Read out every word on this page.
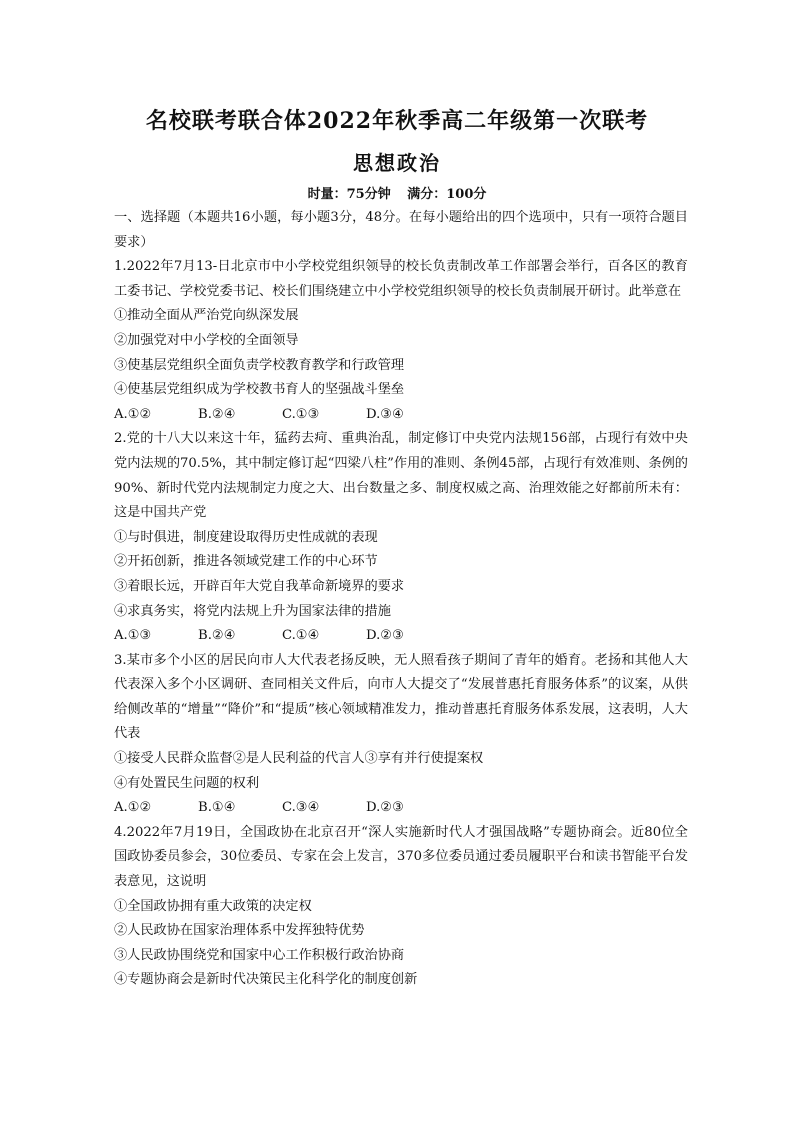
名校联考联合体2022年秋季高二年级第一次联考
思想政治
时量：75分钟 满分：100分

一、选择题（本题共16小题，每小题3分，48分。在每小题给出的四个选项中，只有一项符合题目要求）

1.2022年7月13-日北京市中小学校党组织领导的校长负责制改革工作部署会举行，百各区的教育工委书记、学校党委书记、校长们围绕建立中小学校党组织领导的校长负责制展开研讨。此举意在

①推动全面从严治党向纵深发展

②加强党对中小学校的全面领导

③使基层党组织全面负责学校教育教学和行政管理

④使基层党组织成为学校教书育人的坚强战斗堡垒

A.①②	B.②④	C.①③	D.③④

2.党的十八大以来这十年，猛药去疴、重典治乱，制定修订中央党内法规156部，占现行有效中央党内法规的70.5%，其中制定修订起“四梁八柱”作用的准则、条例45部，占现行有效准则、条例的90%、新时代党内法规制定力度之大、出台数量之多、制度权威之高、治理效能之好都前所未有：这是中国共产党

①与时俱进，制度建设取得历史性成就的表现

②开拓创新，推进各领域党建工作的中心环节

③着眼长远，开辟百年大党自我革命新境界的要求

④求真务实，将党内法规上升为国家法律的措施

A.①③	B.②④	C.①④	D.②③

3.某市多个小区的居民向市人大代表老扬反映，无人照看孩子期间了青年的婚育。老扬和其他人大代表深入多个小区调研、查同相关文件后，向市人大提交了“发展普惠托育服务体系”的议案，从供给侧改革的“增量”“降价”和“提质”核心领域精准发力，推动普惠托育服务体系发展，这表明，人大代表

①接受人民群众监督②是人民利益的代言人③享有并行使提案权

④有处置民生问题的权利

A.①②	B.①④	C.③④	D.②③

4.2022年7月19日，全国政协在北京召开“深人实施新时代人才强国战略”专题协商会。近80位全国政协委员参会，30位委员、专家在会上发言，370多位委员通过委员履职平台和读书智能平台发表意见，这说明

①全国政协拥有重大政策的决定权

②人民政协在国家治理体系中发挥独特优势

③人民政协围绕党和国家中心工作积极行政治协商

④专题协商会是新时代决策民主化科学化的制度创新
